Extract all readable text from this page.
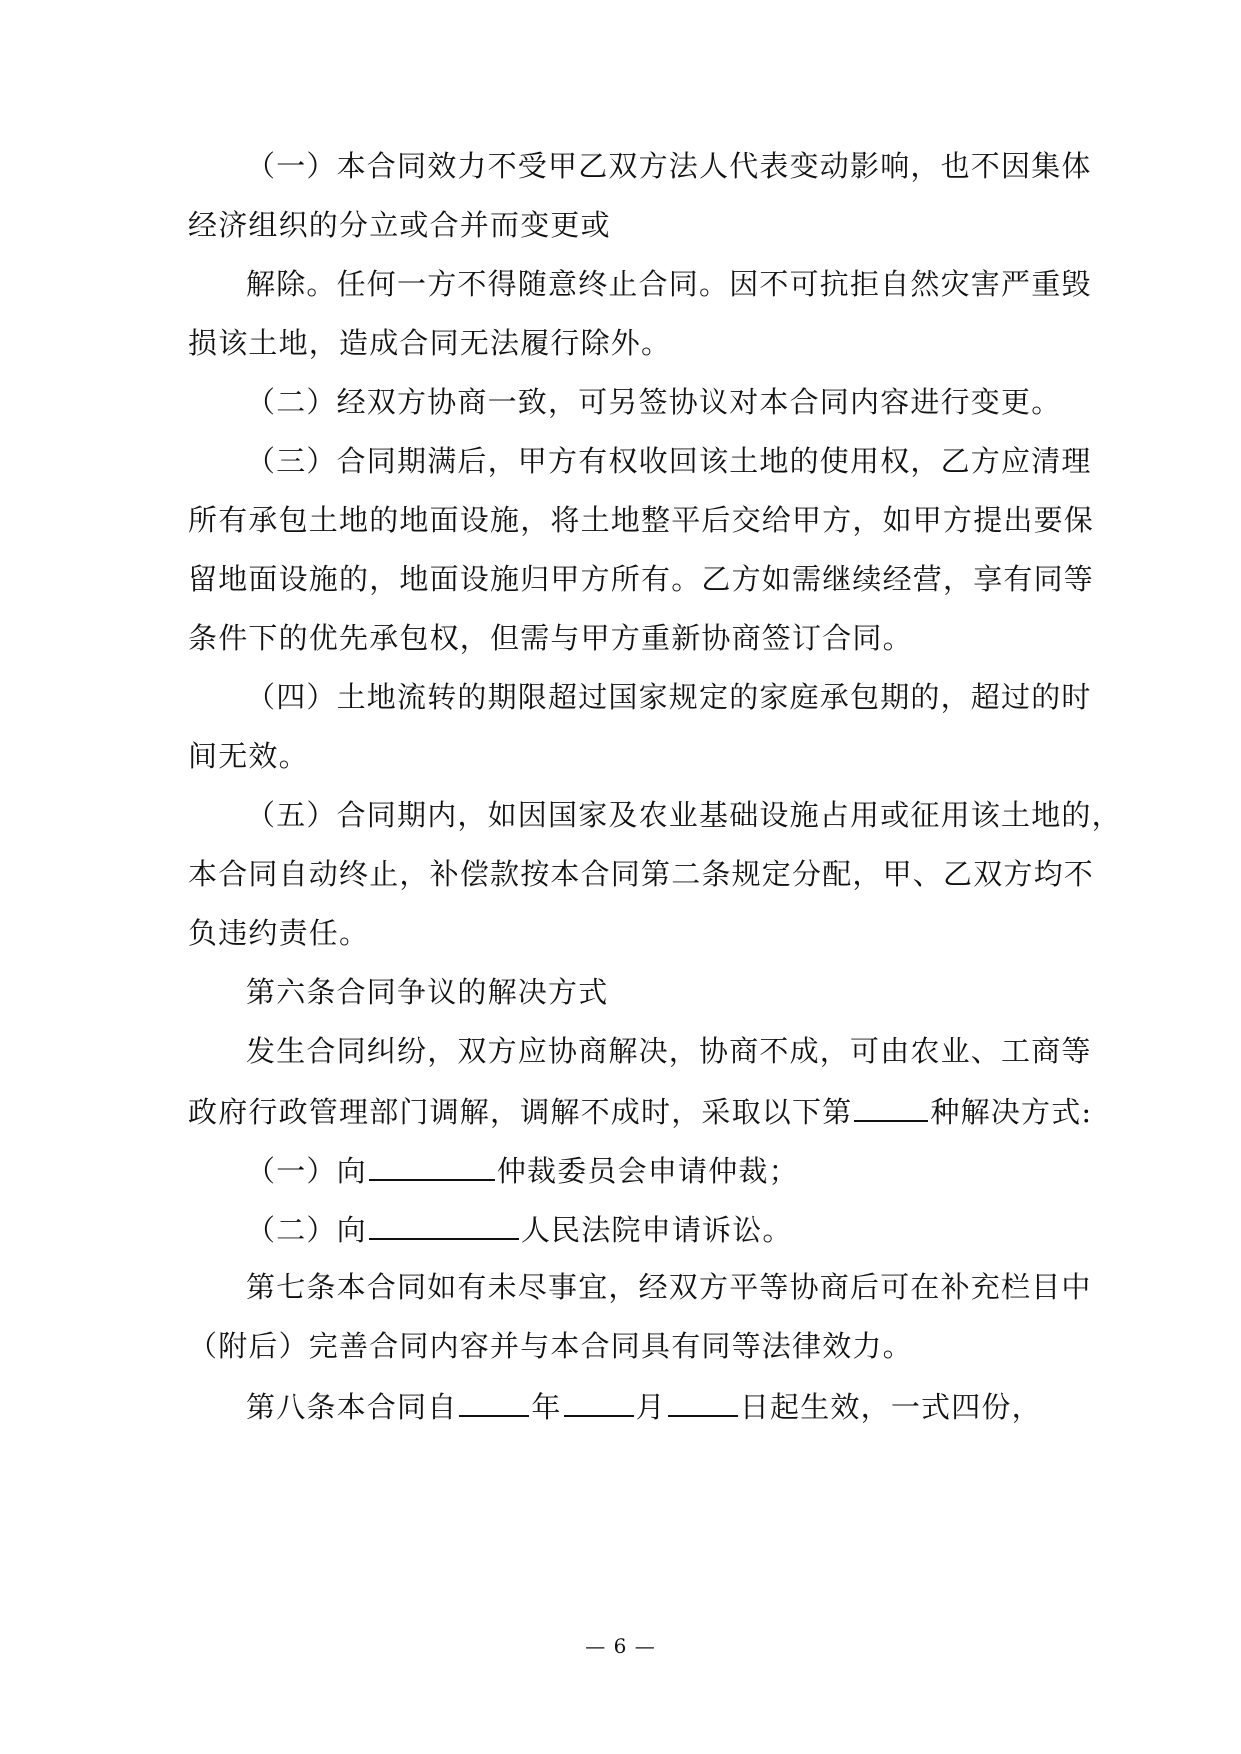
（一）本合同效力不受甲乙双方法人代表变动影响，也不因集体
经济组织的分立或合并而变更或
解除。任何一方不得随意终止合同。因不可抗拒自然灾害严重毁
损该土地，造成合同无法履行除外。
（二）经双方协商一致，可另签协议对本合同内容进行变更。
（三）合同期满后，甲方有权收回该土地的使用权，乙方应清理
所有承包土地的地面设施，将土地整平后交给甲方，如甲方提出要保
留地面设施的，地面设施归甲方所有。乙方如需继续经营，享有同等
条件下的优先承包权，但需与甲方重新协商签订合同。
（四）土地流转的期限超过国家规定的家庭承包期的，超过的时
间无效。
（五）合同期内，如因国家及农业基础设施占用或征用该土地的，
本合同自动终止，补偿款按本合同第二条规定分配，甲、乙双方均不
负违约责任。
第六条合同争议的解决方式
发生合同纠纷，双方应协商解决，协商不成，可由农业、工商等
政府行政管理部门调解，调解不成时，采取以下第	种解决方式:
（一）向	仲裁委员会申请仲裁；
（二）向	人民法院申请诉讼。
第七条本合同如有未尽事宜，经双方平等协商后可在补充栏目中
（附后）完善合同内容并与本合同具有同等法律效力。
第八条本合同自	年	月	日起生效，一式四份，
— 6 —
